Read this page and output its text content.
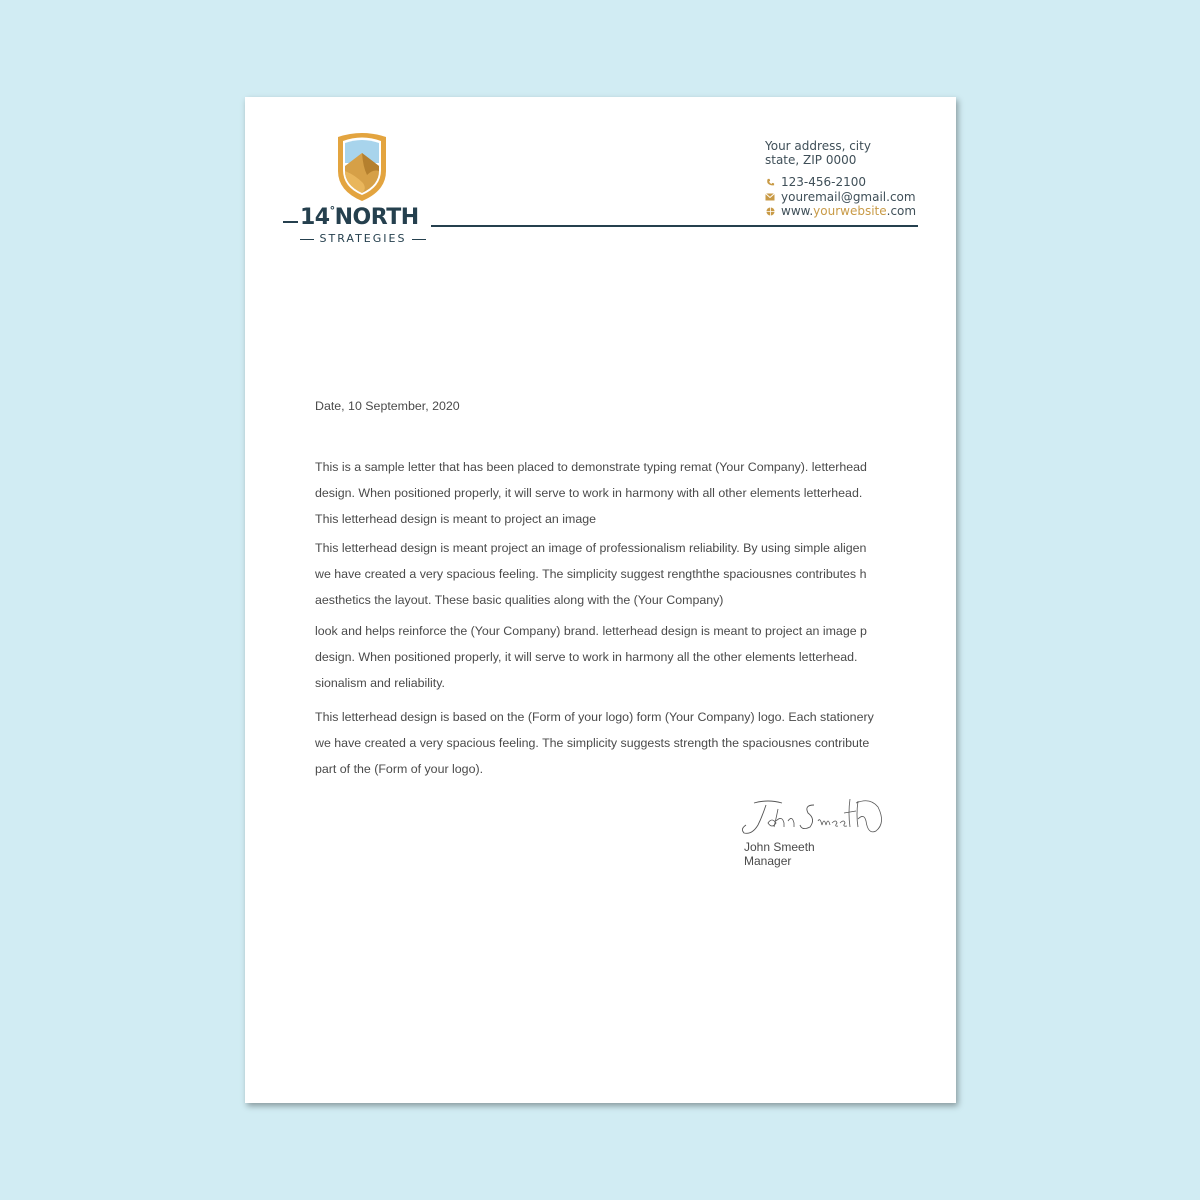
14°NORTH
STRATEGIES
Your address, city
state, ZIP 0000
123-456-2100
youremail@gmail.com
www.yourwebsite.com
Date, 10 September, 2020

This is a sample letter that has been placed to demonstrate typing remat (Your Company). letterhead

design. When positioned properly, it will serve to work in harmony with all other elements letterhead.

This letterhead design is meant to project an image

This letterhead design is meant project an image of professionalism reliability. By using simple aligen

we have created a very spacious feeling. The simplicity suggest rengththe spaciousnes contributes h

aesthetics the layout. These basic qualities along with the (Your Company)

look and helps reinforce the (Your Company) brand. letterhead design is meant to project an image p

design. When positioned properly, it will serve to work in harmony all the other elements letterhead.

sionalism and reliability.

This letterhead design is based on the (Form of your logo) form (Your Company) logo. Each stationery

we have created a very spacious feeling. The simplicity suggests strength the spaciousnes contribute

part of the (Form of your logo).

John Smeeth
Manager
